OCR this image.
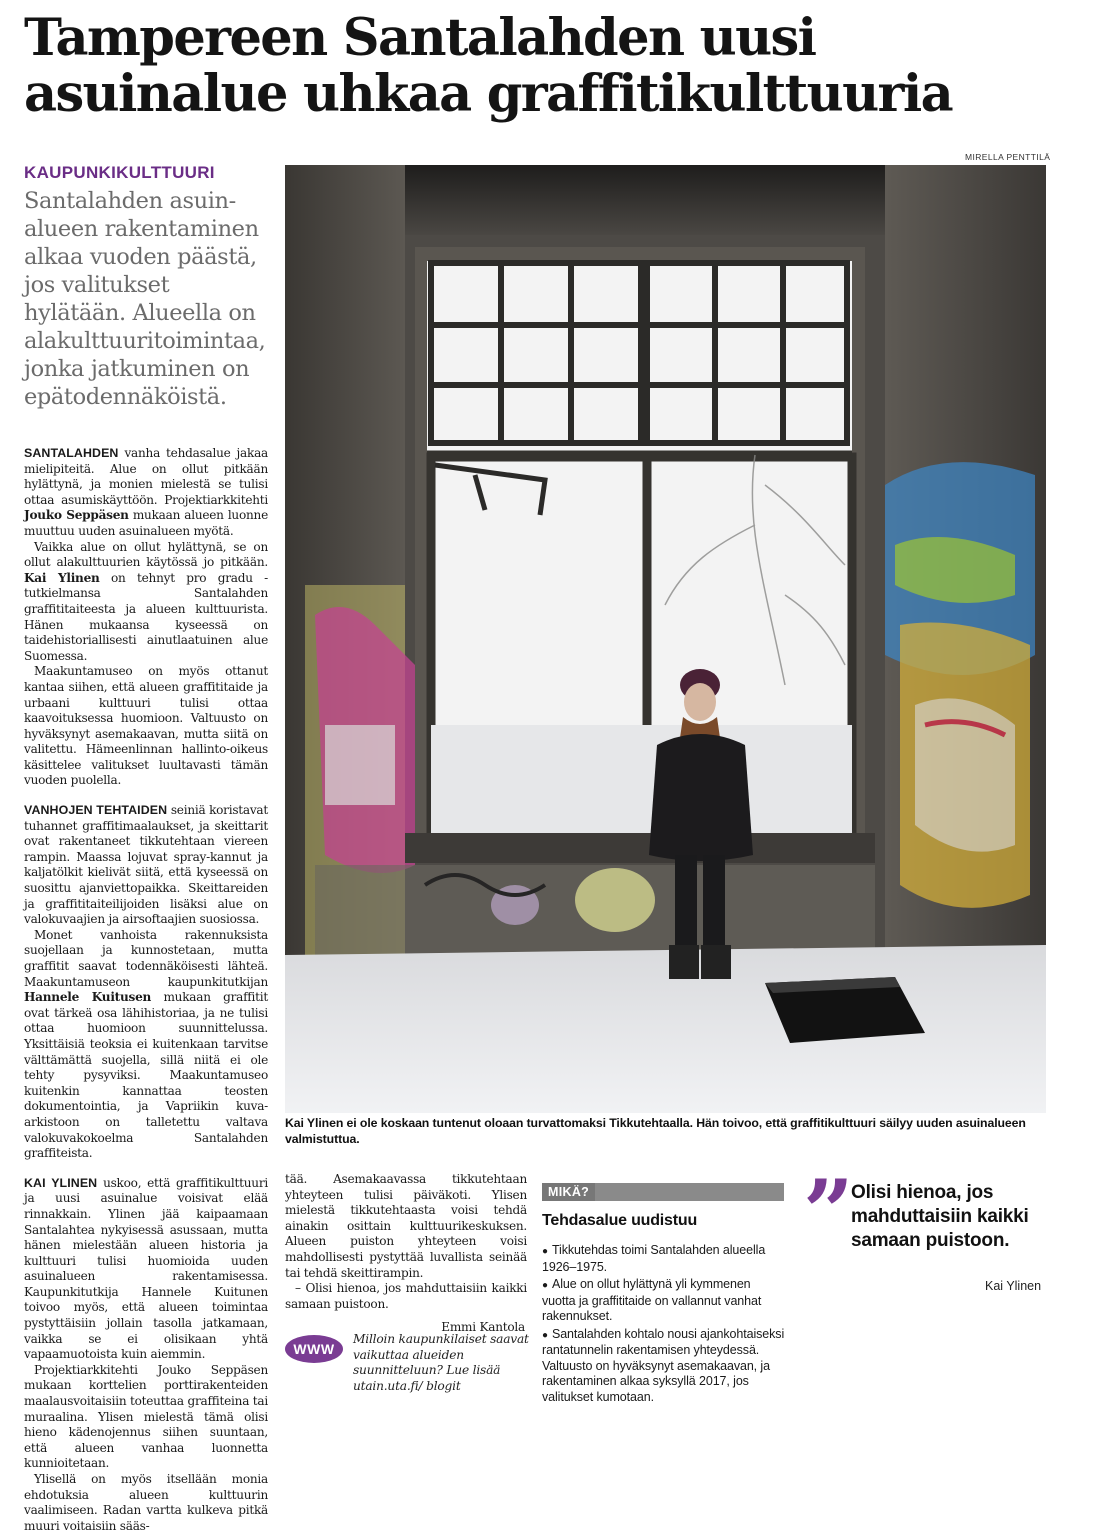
Tampereen Santalahden uusi asuinalue uhkaa graffitikulttuuria
KAUPUNKIKULTTUURI

Santalahden asuinalueen rakentaminen alkaa vuoden päästä, jos valitukset hylätään. Alueella on alakulttuuritoimintaa, jonka jatkuminen on epätodennäköistä.

MIRELLA PENTTILÄ
Kai Ylinen ei ole koskaan tuntenut oloaan turvattomaksi Tikkutehtaalla. Hän toivoo, että graffitikulttuuri säilyy uuden asuinalueen valmistuttua.

SANTALAHDEN vanha tehdasalue jakaa mielipiteitä. Alue on ollut pitkään hylättynä, ja monien mielestä se tulisi ottaa asumiskäyttöön. Projektiarkkitehti Jouko Seppäsen mukaan alueen luonne muuttuu uuden asuinalueen myötä.

Vaikka alue on ollut hylättynä, se on ollut alakulttuurien käytössä jo pitkään. Kai Ylinen on tehnyt pro gradu -tutkielmansa Santalahden graffititaiteesta ja alueen kulttuurista. Hänen mukaansa kyseessä on taidehistoriallisesti ainutlaatuinen alue Suomessa.

Maakuntamuseo on myös ottanut kantaa siihen, että alueen graffititaide ja urbaani kulttuuri tulisi ottaa kaavoituksessa huomioon. Valtuusto on hyväksynyt asemakaavan, mutta siitä on valitettu. Hämeenlinnan hallinto-oikeus käsittelee valitukset luultavasti tämän vuoden puolella.

VANHOJEN TEHTAIDEN seiniä koristavat tuhannet graffitimaalaukset, ja skeittarit ovat rakentaneet tikkutehtaan viereen rampin. Maassa lojuvat spray-kannut ja kaljatölkit kielivät siitä, että kyseessä on suosittu ajanviettopaikka. Skeittareiden ja graffititaiteilijoiden lisäksi alue on valokuvaajien ja airsoftaajien suosiossa.

Monet vanhoista rakennuksista suojellaan ja kunnostetaan, mutta graffitit saavat todennäköisesti lähteä. Maakuntamuseon kaupunkitutkijan Hannele Kuitusen mukaan graffitit ovat tärkeä osa lähihistoriaa, ja ne tulisi ottaa huomioon suunnittelussa. Yksittäisiä teoksia ei kuitenkaan tarvitse välttämättä suojella, sillä niitä ei ole tehty pysyviksi. Maakuntamuseo kuitenkin kannattaa teosten dokumentointia, ja Vapriikin kuva-arkistoon on talletettu valtava valokuvakokoelma Santalahden graffiteista.

KAI YLINEN uskoo, että graffitikulttuuri ja uusi asuinalue voisivat elää rinnakkain. Ylinen jää kaipaamaan Santalahtea nykyisessä asussaan, mutta hänen mielestään alueen historia ja kulttuuri tulisi huomioida uuden asuinalueen rakentamisessa. Kaupunkitutkija Hannele Kuitunen toivoo myös, että alueen toimintaa pystyttäisiin jollain tasolla jatkamaan, vaikka se ei olisikaan yhtä vapaamuotoista kuin aiemmin.

Projektiarkkitehti Jouko Seppäsen mukaan korttelien porttirakenteiden maalausvoitaisiin toteuttaa graffiteina tai muraalina. Ylisen mielestä tämä olisi hieno kädenojennus siihen suuntaan, että alueen vanhaa luonnetta kunnioitetaan.

Ylisellä on myös itsellään monia ehdotuksia alueen kulttuurin vaalimiseen. Radan vartta kulkeva pitkä muuri voitaisiin sääs-

tää. Asemakaavassa tikkutehtaan yhteyteen tulisi päiväkoti. Ylisen mielestä tikkutehtaasta voisi tehdä ainakin osittain kulttuurikeskuksen. Alueen puiston yhteyteen voisi mahdollisesti pystyttää luvallista seinää tai tehdä skeittirampin.

– Olisi hienoa, jos mahduttaisiin kaikki samaan puistoon.

Emmi Kantola

WWW
Milloin kaupunkilaiset saavat vaikuttaa alueiden suunnitteluun? Lue lisää utain.uta.fi/ blogit
MIKÄ?
Tehdasalue uudistuu
● Tikkutehdas toimi Santalahden alueella 1926–1975.
● Alue on ollut hylättynä yli kymmenen vuotta ja graffititaide on vallannut vanhat rakennukset.
● Santalahden kohtalo nousi ajankohtaiseksi rantatunnelin rakentamisen yhteydessä. Valtuusto on hyväksynyt asemakaavan, ja rakentaminen alkaa syksyllä 2017, jos valitukset kumotaan.
” Olisi hienoa, jos mahduttaisiin kaikki samaan puistoon.

Kai Ylinen
